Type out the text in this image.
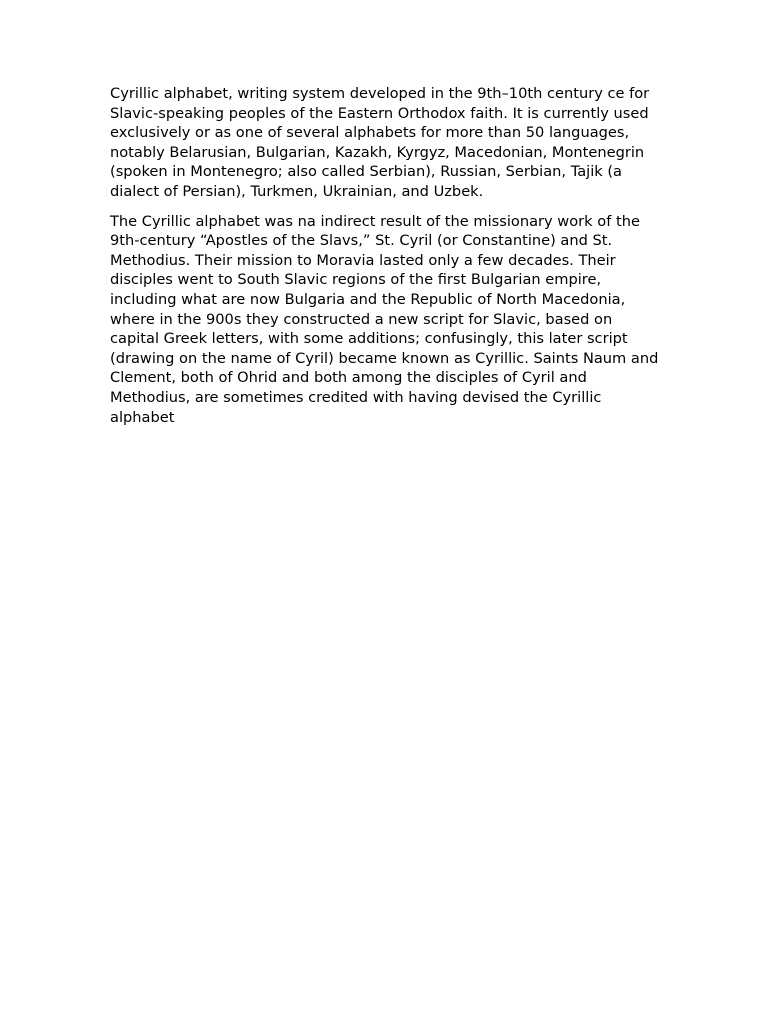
Cyrillic alphabet, writing system developed in the 9th–10th century ce for Slavic-speaking peoples of the Eastern Orthodox faith. It is currently used exclusively or as one of several alphabets for more than 50 languages, notably Belarusian, Bulgarian, Kazakh, Kyrgyz, Macedonian, Montenegrin (spoken in Montenegro; also called Serbian), Russian, Serbian, Tajik (a dialect of Persian), Turkmen, Ukrainian, and Uzbek.

The Cyrillic alphabet was na indirect result of the missionary work of the 9th-century “Apostles of the Slavs,” St. Cyril (or Constantine) and St. Methodius. Their mission to Moravia lasted only a few decades. Their disciples went to South Slavic regions of the first Bulgarian empire, including what are now Bulgaria and the Republic of North Macedonia, where in the 900s they constructed a new script for Slavic, based on capital Greek letters, with some additions; confusingly, this later script (drawing on the name of Cyril) became known as Cyrillic. Saints Naum and Clement, both of Ohrid and both among the disciples of Cyril and Methodius, are sometimes credited with having devised the Cyrillic alphabet
